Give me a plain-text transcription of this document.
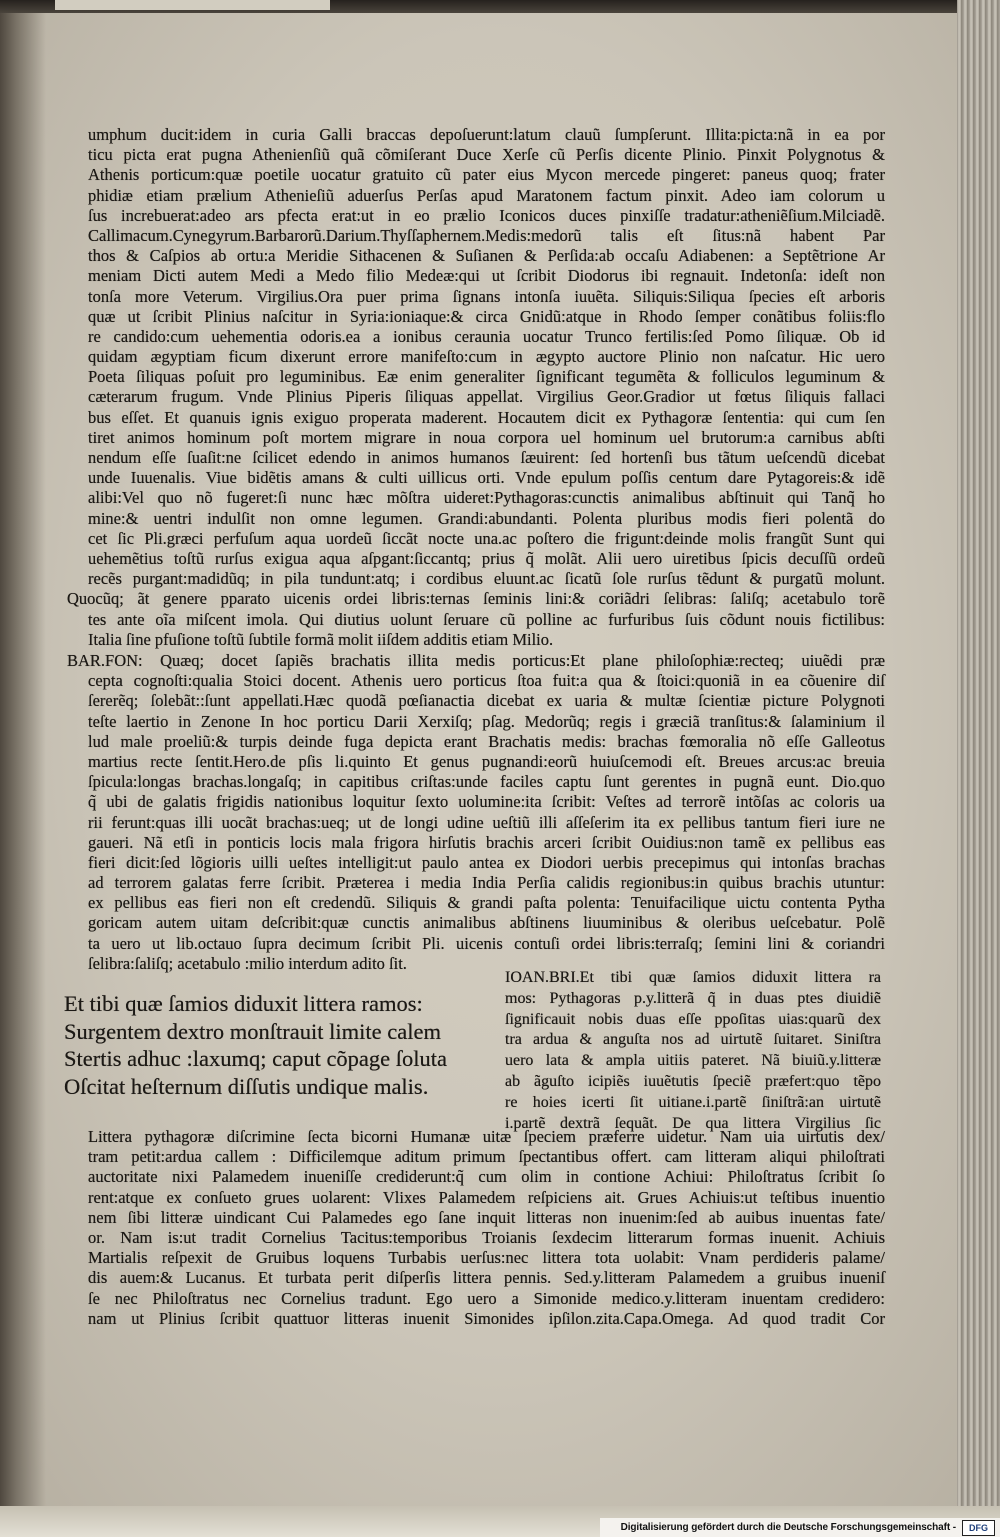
umphum ducit:idem in curia Galli braccas depoſuerunt:latum clauũ ſumpſerunt. Illita:picta:nã in ea por
ticu picta erat pugna Athenienſiũ quã cõmiſerant Duce Xerſe cũ Perſis dicente Plinio. Pinxit Polygnotus &
Athenis porticum:quæ poetile uocatur gratuito cũ pater eius Mycon mercede pingeret: paneus quoq; frater
phidiæ etiam prælium Athenieſiũ aduerſus Perſas apud Maratonem factum pinxit. Adeo iam colorum u
ſus increbuerat:adeo ars pfecta erat:ut in eo prælio Iconicos duces pinxiſſe tradatur:atheniẽſium.Milciadẽ.
Callimacum.Cynegyrum.Barbarorũ.Darium.Thyſſaphernem.Medis:medorũ talis eſt ſitus:nã habent Par
thos & Caſpios ab ortu:a Meridie Sithacenen & Suſianen & Perſida:ab occaſu Adiabenen: a Septẽtrione Ar
meniam Dicti autem Medi a Medo filio Medeæ:qui ut ſcribit Diodorus ibi regnauit. Indetonſa: ideſt non
tonſa more Veterum. Virgilius.Ora puer prima ſignans intonſa iuuẽta. Siliquis:Siliqua ſpecies eſt arboris
quæ ut ſcribit Plinius naſcitur in Syria:ioniaque:& circa Gnidũ:atque in Rhodo ſemper conãtibus foliis:flo
re candido:cum uehementia odoris.ea a ionibus ceraunia uocatur Trunco fertilis:ſed Pomo ſiliquæ. Ob id
quidam ægyptiam ficum dixerunt errore manifeſto:cum in ægypto auctore Plinio non naſcatur. Hic uero
Poeta ſiliquas poſuit pro leguminibus. Eæ enim generaliter ſignificant tegumẽta & folliculos leguminum &
cæterarum frugum. Vnde Plinius Piperis ſiliquas appellat. Virgilius Geor.Gradior ut fœtus ſiliquis fallaci
bus eſſet. Et quanuis ignis exiguo properata maderent. Hocautem dicit ex Pythagoræ ſententia: qui cum ſen
tiret animos hominum poſt mortem migrare in noua corpora uel hominum uel brutorum:a carnibus abſti
nendum eſſe ſuaſit:ne ſcilicet edendo in animos humanos ſæuirent: ſed hortenſi bus tãtum ueſcendũ dicebat
unde Iuuenalis. Viue bidẽtis amans & culti uillicus orti. Vnde epulum poſſis centum dare Pytagoreis:& idẽ
alibi:Vel quo nõ fugeret:ſi nunc hæc mõſtra uideret:Pythagoras:cunctis animalibus abſtinuit qui Tanq̃ ho
mine:& uentri indulſit non omne legumen. Grandi:abundanti. Polenta pluribus modis fieri polentã do
cet ſic Pli.græci perfuſum aqua uordeũ ſiccãt nocte una.ac poſtero die frigunt:deinde molis frangũt Sunt qui
uehemẽtius toſtũ rurſus exigua aqua aſpgant:ſiccantq; prius q̃ molãt. Alii uero uiretibus ſpicis decuſſũ ordeũ
recẽs purgant:madidũq; in pila tundunt:atq; i cordibus eluunt.ac ſicatũ ſole rurſus tẽdunt & purgatũ molunt.
Quocũq; ãt genere pparato uicenis ordei libris:ternas ſeminis lini:& coriãdri ſelibras: ſaliſq; acetabulo torẽ
tes ante oĩa miſcent imola. Qui diutius uolunt ſeruare cũ polline ac furfuribus ſuis cõdunt nouis fictilibus:
Italia ſine pfuſione toſtũ ſubtile formã molit iiſdem additis etiam Milio.
BAR.FON: Quæq; docet ſapiẽs brachatis illita medis porticus:Et plane philoſophiæ:recteq; uiuẽdi præ
cepta cognoſti:qualia Stoici docent. Athenis uero porticus ſtoa fuit:a qua & ſtoici:quoniã in ea cõuenire diſ
ſererẽq; ſolebãt::ſunt appellati.Hæc quodã pœſianactia dicebat ex uaria & multæ ſcientiæ picture Polygnoti
teſte laertio in Zenone In hoc porticu Darii Xerxiſq; pſag. Medorũq; regis i græciã tranſitus:& ſalaminium il
lud male proeliũ:& turpis deinde fuga depicta erant Brachatis medis: brachas fœmoralia nõ eſſe Galleotus
martius recte ſentit.Hero.de pſis li.quinto Et genus pugnandi:eorũ huiuſcemodi eſt. Breues arcus:ac breuia
ſpicula:longas brachas.longaſq; in capitibus criſtas:unde faciles captu ſunt gerentes in pugnã eunt. Dio.quo
q̃ ubi de galatis frigidis nationibus loquitur ſexto uolumine:ita ſcribit: Veſtes ad terrorẽ intõſas ac coloris ua
rii ferunt:quas illi uocãt brachas:ueq; ut de longi udine ueſtiũ illi aſſeſerim ita ex pellibus tantum fieri iure ne
gaueri. Nã etſi in ponticis locis mala frigora hirſutis brachis arceri ſcribit Ouidius:non tamẽ ex pellibus eas
fieri dicit:ſed lõgioris uilli ueſtes intelligit:ut paulo antea ex Diodori uerbis precepimus qui intonſas brachas
ad terrorem galatas ferre ſcribit. Præterea i media India Perſia calidis regionibus:in quibus brachis utuntur:
ex pellibus eas fieri non eſt credendũ. Siliquis & grandi paſta polenta: Tenuifacilique uictu contenta Pytha
goricam autem uitam deſcribit:quæ cunctis animalibus abſtinens liuuminibus & oleribus ueſcebatur. Polẽ
ta uero ut lib.octauo ſupra decimum ſcribit Pli. uicenis contuſi ordei libris:terraſq; ſemini lini & coriandri
ſelibra:ſaliſq; acetabulo :milio interdum adito ſit.
IOAN.BRI.Et tibi quæ ſamios diduxit littera ra
mos: Pythagoras p.y.litterã q̃ in duas ptes diuidiẽ
ſignificauit nobis duas eſſe ppoſitas uias:quarũ dex
tra ardua & anguſta nos ad uirtutẽ ſuitaret. Siniſtra
uero lata & ampla uitiis pateret. Nã biuiũ.y.litteræ
ab ãguſto icipiẽs iuuẽtutis ſpeciẽ præfert:quo tẽpo
re hoies icerti ſit uitiane.i.partẽ ſiniſtrã:an uirtutẽ
i.partẽ dextrã ſequãt. De qua littera Virgilius ſic
Et tibi quæ ſamios diduxit littera ramos:
Surgentem dextro monſtrauit limite calem
Stertis adhuc :laxumq; caput cõpage ſoluta
Oſcitat heſternum diſſutis undique malis.
Littera pythagoræ diſcrimine ſecta bicorni Humanæ uitæ ſpeciem præferre uidetur. Nam uia uirtutis dex/
tram petit:ardua callem : Difficilemque aditum primum ſpectantibus offert. cam litteram aliqui philoſtrati
auctoritate nixi Palamedem inueniſſe crediderunt:q̃ cum olim in contione Achiui: Philoſtratus ſcribit ſo
rent:atque ex conſueto grues uolarent: Vlixes Palamedem reſpiciens ait. Grues Achiuis:ut teſtibus inuentio
nem ſibi litteræ uindicant Cui Palamedes ego ſane inquit litteras non inuenim:ſed ab auibus inuentas fate/
or. Nam is:ut tradit Cornelius Tacitus:temporibus Troianis ſexdecim litterarum formas inuenit. Achiuis
Martialis reſpexit de Gruibus loquens Turbabis uerſus:nec littera tota uolabit: Vnam perdideris palame/
dis auem:& Lucanus. Et turbata perit diſperſis littera pennis. Sed.y.litteram Palamedem a gruibus inueniſ
ſe nec Philoſtratus nec Cornelius tradunt. Ego uero a Simonide medico.y.litteram inuentam credidero:
nam ut Plinius ſcribit quattuor litteras inuenit Simonides ipſilon.zita.Capa.Omega. Ad quod tradit Cor
Digitalisierung gefördert durch die Deutsche Forschungsgemeinschaft -	DFG
